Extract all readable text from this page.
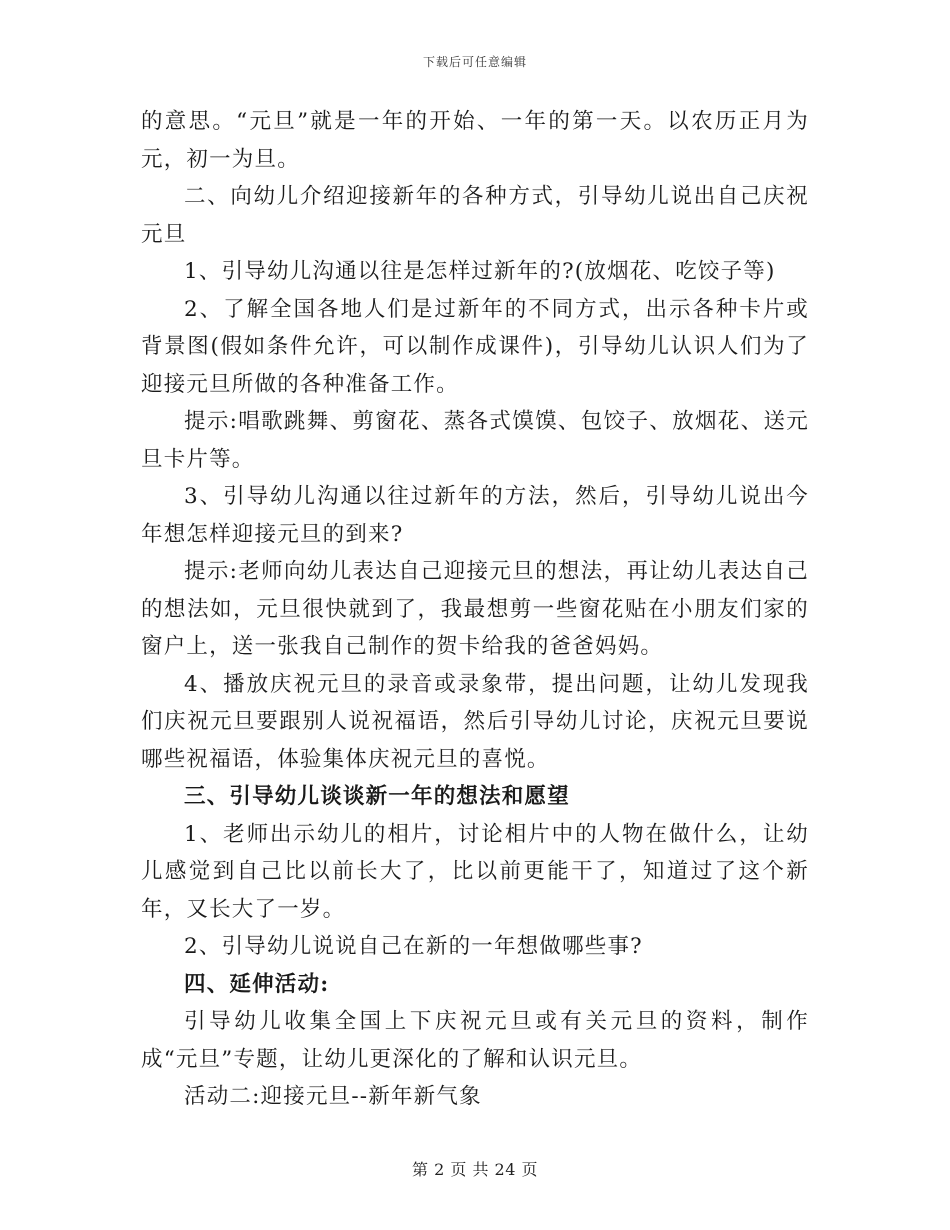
下载后可任意编辑

的意思。“元旦”就是一年的开始、一年的第一天。以农历正月为元，初一为旦。

二、向幼儿介绍迎接新年的各种方式，引导幼儿说出自己庆祝元旦

1、引导幼儿沟通以往是怎样过新年的?(放烟花、吃饺子等)

2、了解全国各地人们是过新年的不同方式，出示各种卡片或背景图(假如条件允许，可以制作成课件)，引导幼儿认识人们为了迎接元旦所做的各种准备工作。

提示:唱歌跳舞、剪窗花、蒸各式馍馍、包饺子、放烟花、送元旦卡片等。

3、引导幼儿沟通以往过新年的方法，然后，引导幼儿说出今年想怎样迎接元旦的到来?

提示:老师向幼儿表达自己迎接元旦的想法，再让幼儿表达自己的想法如，元旦很快就到了，我最想剪一些窗花贴在小朋友们家的窗户上，送一张我自己制作的贺卡给我的爸爸妈妈。

4、播放庆祝元旦的录音或录象带，提出问题，让幼儿发现我们庆祝元旦要跟别人说祝福语，然后引导幼儿讨论，庆祝元旦要说哪些祝福语，体验集体庆祝元旦的喜悦。

三、引导幼儿谈谈新一年的想法和愿望

1、老师出示幼儿的相片，讨论相片中的人物在做什么，让幼儿感觉到自己比以前长大了，比以前更能干了，知道过了这个新年，又长大了一岁。

2、引导幼儿说说自己在新的一年想做哪些事?

四、延伸活动:

引导幼儿收集全国上下庆祝元旦或有关元旦的资料，制作成“元旦”专题，让幼儿更深化的了解和认识元旦。

活动二:迎接元旦--新年新气象

第 2 页 共 24 页
